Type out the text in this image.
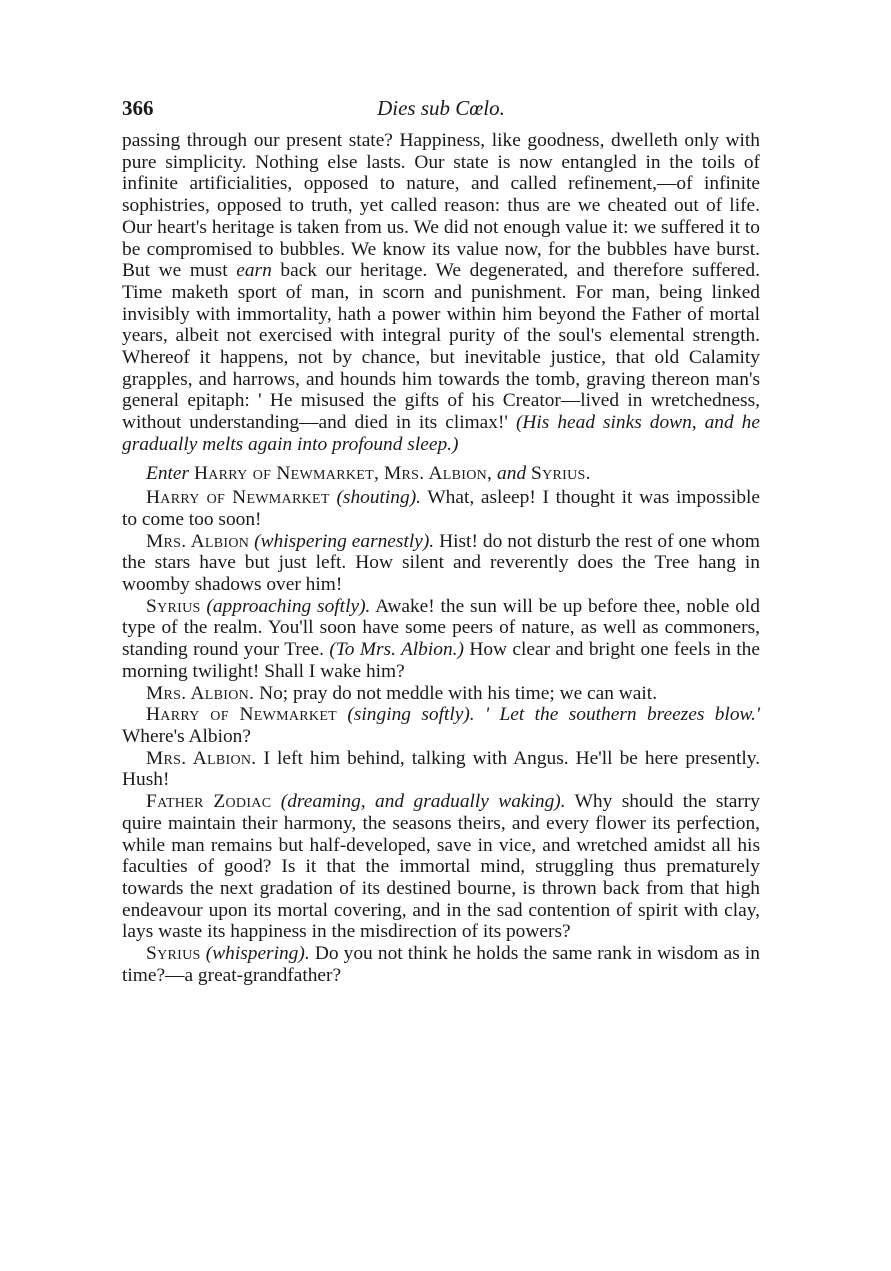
366	Dies sub Cœlo.

passing through our present state? Happiness, like goodness, dwelleth only with pure simplicity. Nothing else lasts. Our state is now entangled in the toils of infinite artificialities, opposed to nature, and called refinement,—of infinite sophistries, opposed to truth, yet called reason: thus are we cheated out of life. Our heart's heritage is taken from us. We did not enough value it: we suffered it to be compromised to bubbles. We know its value now, for the bubbles have burst. But we must earn back our heritage. We degenerated, and therefore suffered. Time maketh sport of man, in scorn and punishment. For man, being linked invisibly with immortality, hath a power within him beyond the Father of mortal years, albeit not exercised with integral purity of the soul's elemental strength. Whereof it happens, not by chance, but inevitable justice, that old Calamity grapples, and harrows, and hounds him towards the tomb, graving thereon man's general epitaph: ' He misused the gifts of his Creator—lived in wretchedness, without understanding—and died in its climax!' (His head sinks down, and he gradually melts again into profound sleep.)

Enter Harry of Newmarket, Mrs. Albion, and Syrius.

Harry of Newmarket (shouting). What, asleep! I thought it was impossible to come too soon!

Mrs. Albion (whispering earnestly). Hist! do not disturb the rest of one whom the stars have but just left. How silent and reverently does the Tree hang in woomby shadows over him!

Syrius (approaching softly). Awake! the sun will be up before thee, noble old type of the realm. You'll soon have some peers of nature, as well as commoners, standing round your Tree. (To Mrs. Albion.) How clear and bright one feels in the morning twilight! Shall I wake him?

Mrs. Albion. No; pray do not meddle with his time; we can wait.

Harry of Newmarket (singing softly). ' Let the southern breezes blow.' Where's Albion?

Mrs. Albion. I left him behind, talking with Angus. He'll be here presently. Hush!

Father Zodiac (dreaming, and gradually waking). Why should the starry quire maintain their harmony, the seasons theirs, and every flower its perfection, while man remains but half-developed, save in vice, and wretched amidst all his faculties of good? Is it that the immortal mind, struggling thus prematurely towards the next gradation of its destined bourne, is thrown back from that high endeavour upon its mortal covering, and in the sad contention of spirit with clay, lays waste its happiness in the misdirection of its powers?

Syrius (whispering). Do you not think he holds the same rank in wisdom as in time?—a great-grandfather?
